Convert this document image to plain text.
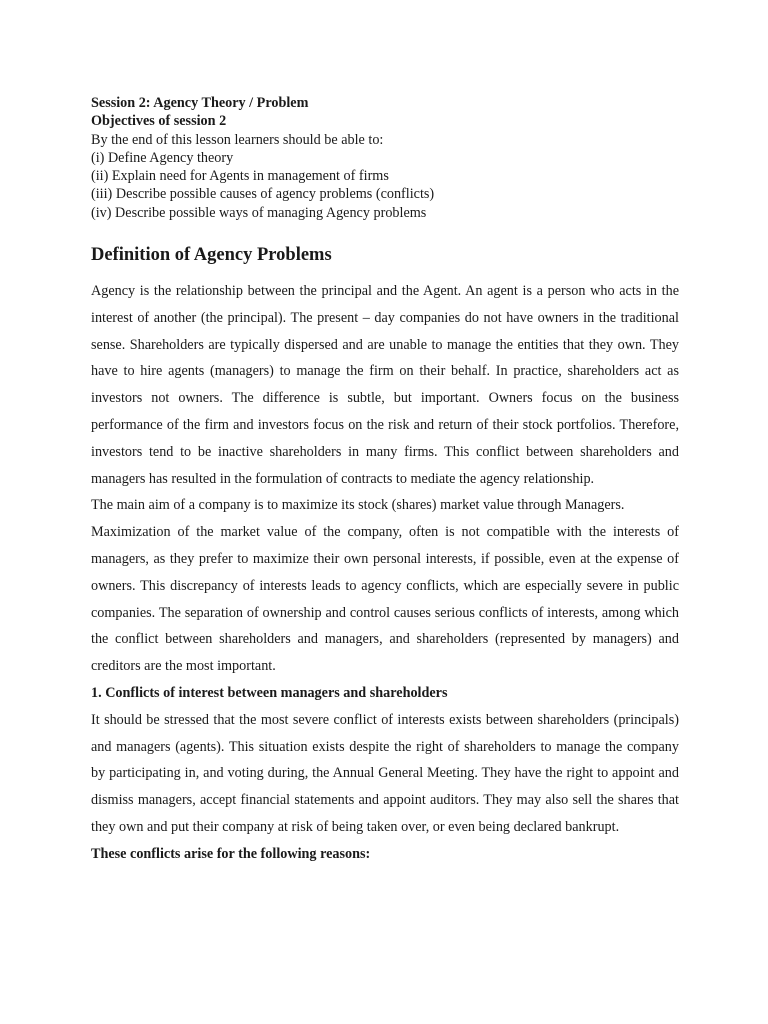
Session 2: Agency Theory / Problem

Objectives of session 2

By the end of this lesson learners should be able to:

(i) Define Agency theory

(ii) Explain need for Agents in management of firms

(iii) Describe possible causes of agency problems (conflicts)

(iv) Describe possible ways of managing Agency problems

Definition of Agency Problems

Agency is the relationship between the principal and the Agent. An agent is a person who acts in the interest of another (the principal). The present – day companies do not have owners in the traditional sense. Shareholders are typically dispersed and are unable to manage the entities that they own. They have to hire agents (managers) to manage the firm on their behalf. In practice, shareholders act as investors not owners. The difference is subtle, but important. Owners focus on the business performance of the firm and investors focus on the risk and return of their stock portfolios. Therefore, investors tend to be inactive shareholders in many firms. This conflict between shareholders and managers has resulted in the formulation of contracts to mediate the agency relationship.

The main aim of a company is to maximize its stock (shares) market value through Managers.

Maximization of the market value of the company, often is not compatible with the interests of managers, as they prefer to maximize their own personal interests, if possible, even at the expense of owners. This discrepancy of interests leads to agency conflicts, which are especially severe in public companies. The separation of ownership and control causes serious conflicts of interests, among which the conflict between shareholders and managers, and shareholders (represented by managers) and creditors are the most important.

1. Conflicts of interest between managers and shareholders

It should be stressed that the most severe conflict of interests exists between shareholders (principals) and managers (agents). This situation exists despite the right of shareholders to manage the company by participating in, and voting during, the Annual General Meeting. They have the right to appoint and dismiss managers, accept financial statements and appoint auditors. They may also sell the shares that they own and put their company at risk of being taken over, or even being declared bankrupt.

These conflicts arise for the following reasons:
